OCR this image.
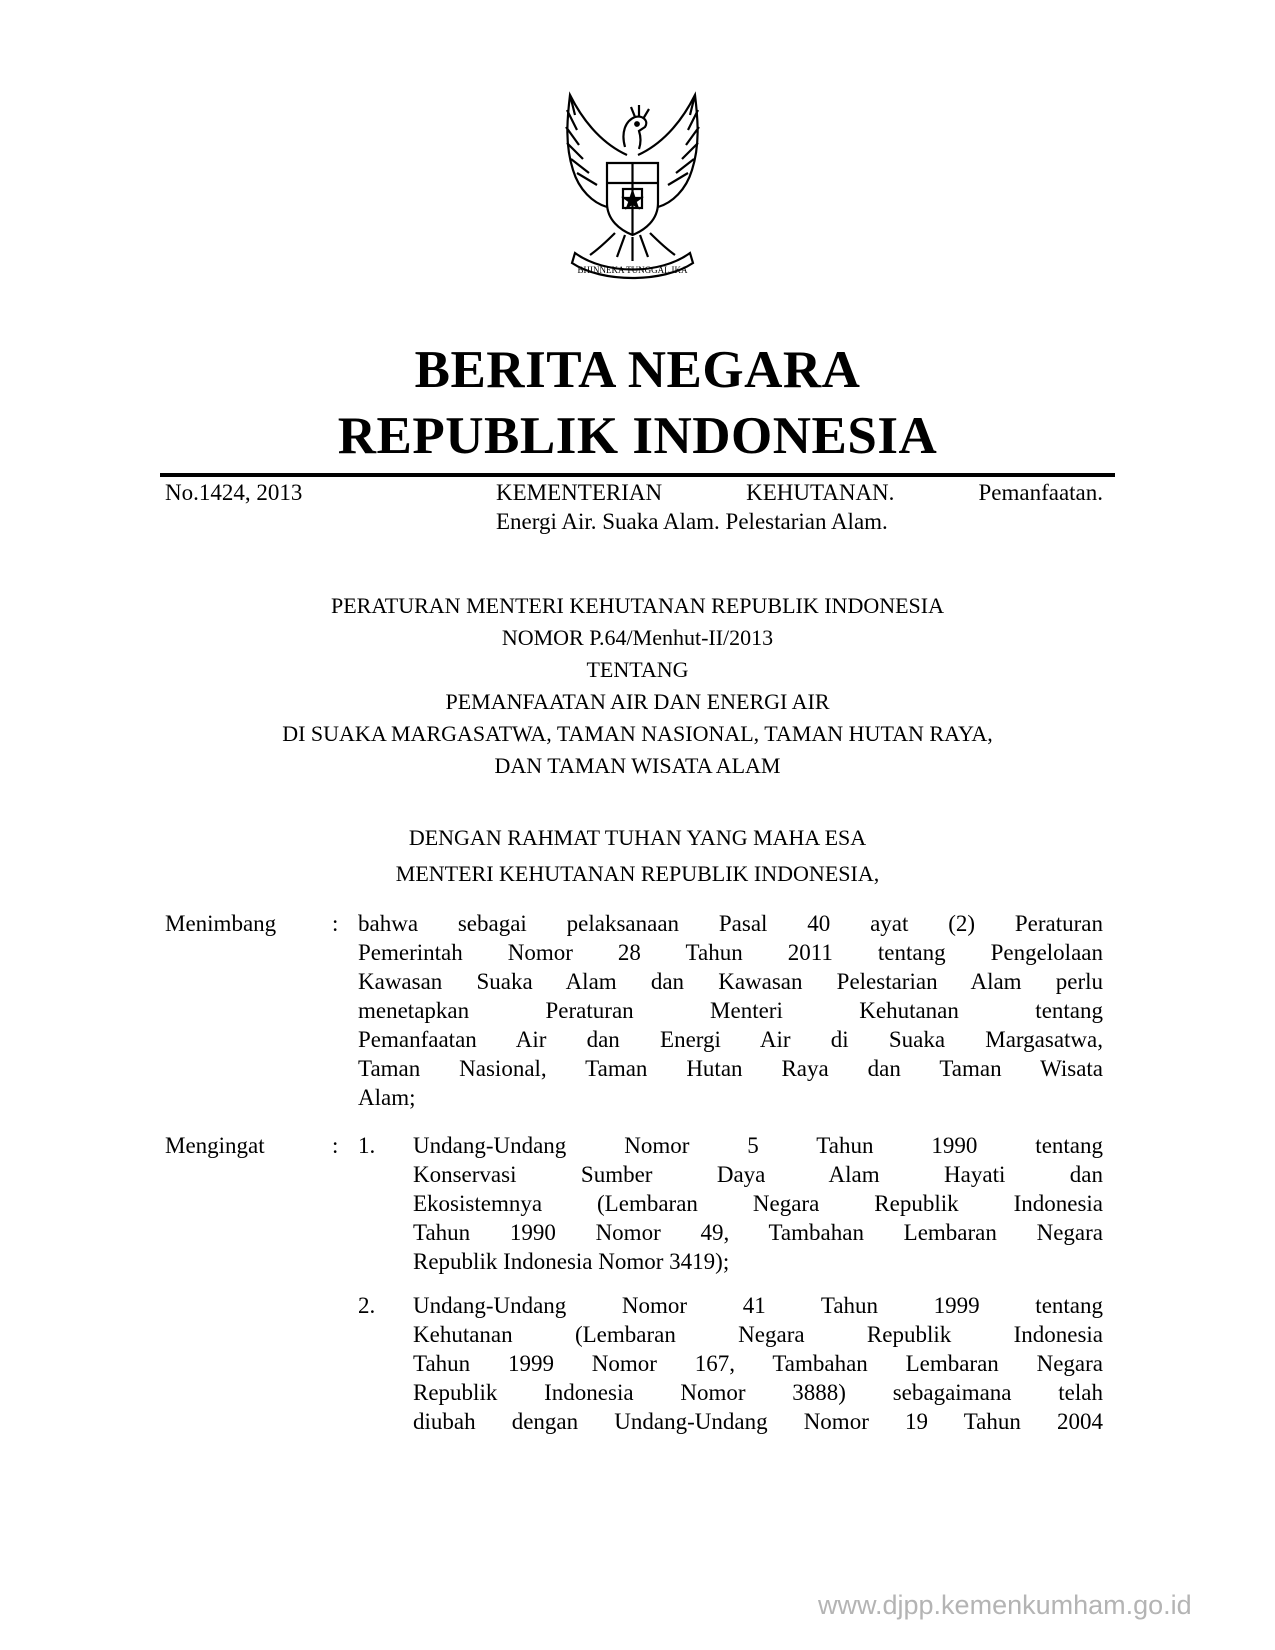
BHINNEKA TUNGGAL IKA
BERITA NEGARA
REPUBLIK INDONESIA
No.1424, 2013	KEMENTERIAN KEHUTANAN. Pemanfaatan.
Energi Air. Suaka Alam. Pelestarian Alam.
PERATURAN MENTERI KEHUTANAN REPUBLIK INDONESIA
NOMOR P.64/Menhut-II/2013
TENTANG
PEMANFAATAN AIR DAN ENERGI AIR
DI SUAKA MARGASATWA, TAMAN NASIONAL, TAMAN HUTAN RAYA,
DAN TAMAN WISATA ALAM
DENGAN RAHMAT TUHAN YANG MAHA ESA
MENTERI KEHUTANAN REPUBLIK INDONESIA,
Menimbang : bahwa sebagai pelaksanaan Pasal 40 ayat (2) Peraturan
Pemerintah Nomor 28 Tahun 2011 tentang Pengelolaan
Kawasan Suaka Alam dan Kawasan Pelestarian Alam perlu
menetapkan Peraturan Menteri Kehutanan tentang
Pemanfaatan Air dan Energi Air di Suaka Margasatwa,
Taman Nasional, Taman Hutan Raya dan Taman Wisata
Alam;
Mengingat	: 1. Undang-Undang Nomor 5 Tahun 1990 tentang
Konservasi Sumber Daya Alam Hayati dan
Ekosistemnya (Lembaran Negara Republik Indonesia
Tahun 1990 Nomor 49, Tambahan Lembaran Negara
Republik Indonesia Nomor 3419);
2. Undang-Undang Nomor 41 Tahun 1999 tentang
Kehutanan (Lembaran Negara Republik Indonesia
Tahun 1999 Nomor 167, Tambahan Lembaran Negara
Republik Indonesia Nomor 3888) sebagaimana telah
diubah dengan Undang-Undang Nomor 19 Tahun 2004
www.djpp.kemenkumham.go.id
